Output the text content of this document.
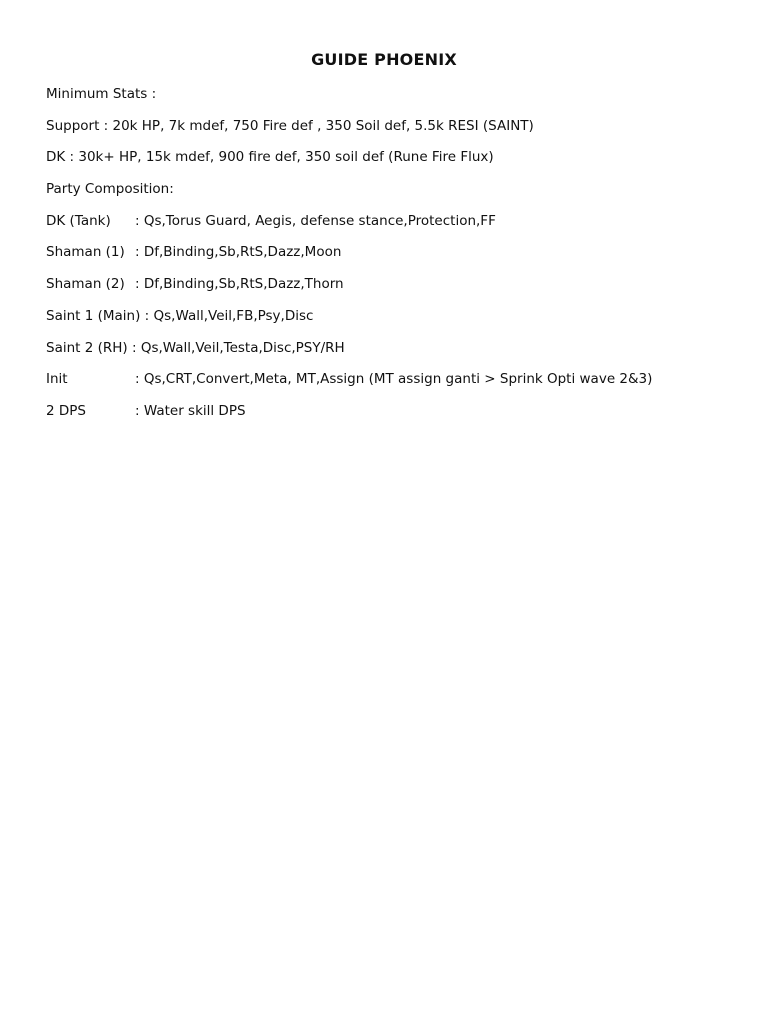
GUIDE PHOENIX
Minimum Stats :
Support : 20k HP, 7k mdef, 750 Fire def , 350 Soil def, 5.5k RESI (SAINT)
DK : 30k+ HP, 15k mdef, 900 fire def, 350 soil def (Rune Fire Flux)
Party Composition:
DK (Tank) : Qs,Torus Guard, Aegis, defense stance,Protection,FF
Shaman (1) : Df,Binding,Sb,RtS,Dazz,Moon
Shaman (2) : Df,Binding,Sb,RtS,Dazz,Thorn
Saint 1 (Main) : Qs,Wall,Veil,FB,Psy,Disc
Saint 2 (RH) : Qs,Wall,Veil,Testa,Disc,PSY/RH
Init	: Qs,CRT,Convert,Meta, MT,Assign (MT assign ganti > Sprink Opti wave 2&3)
2 DPS	: Water skill DPS
